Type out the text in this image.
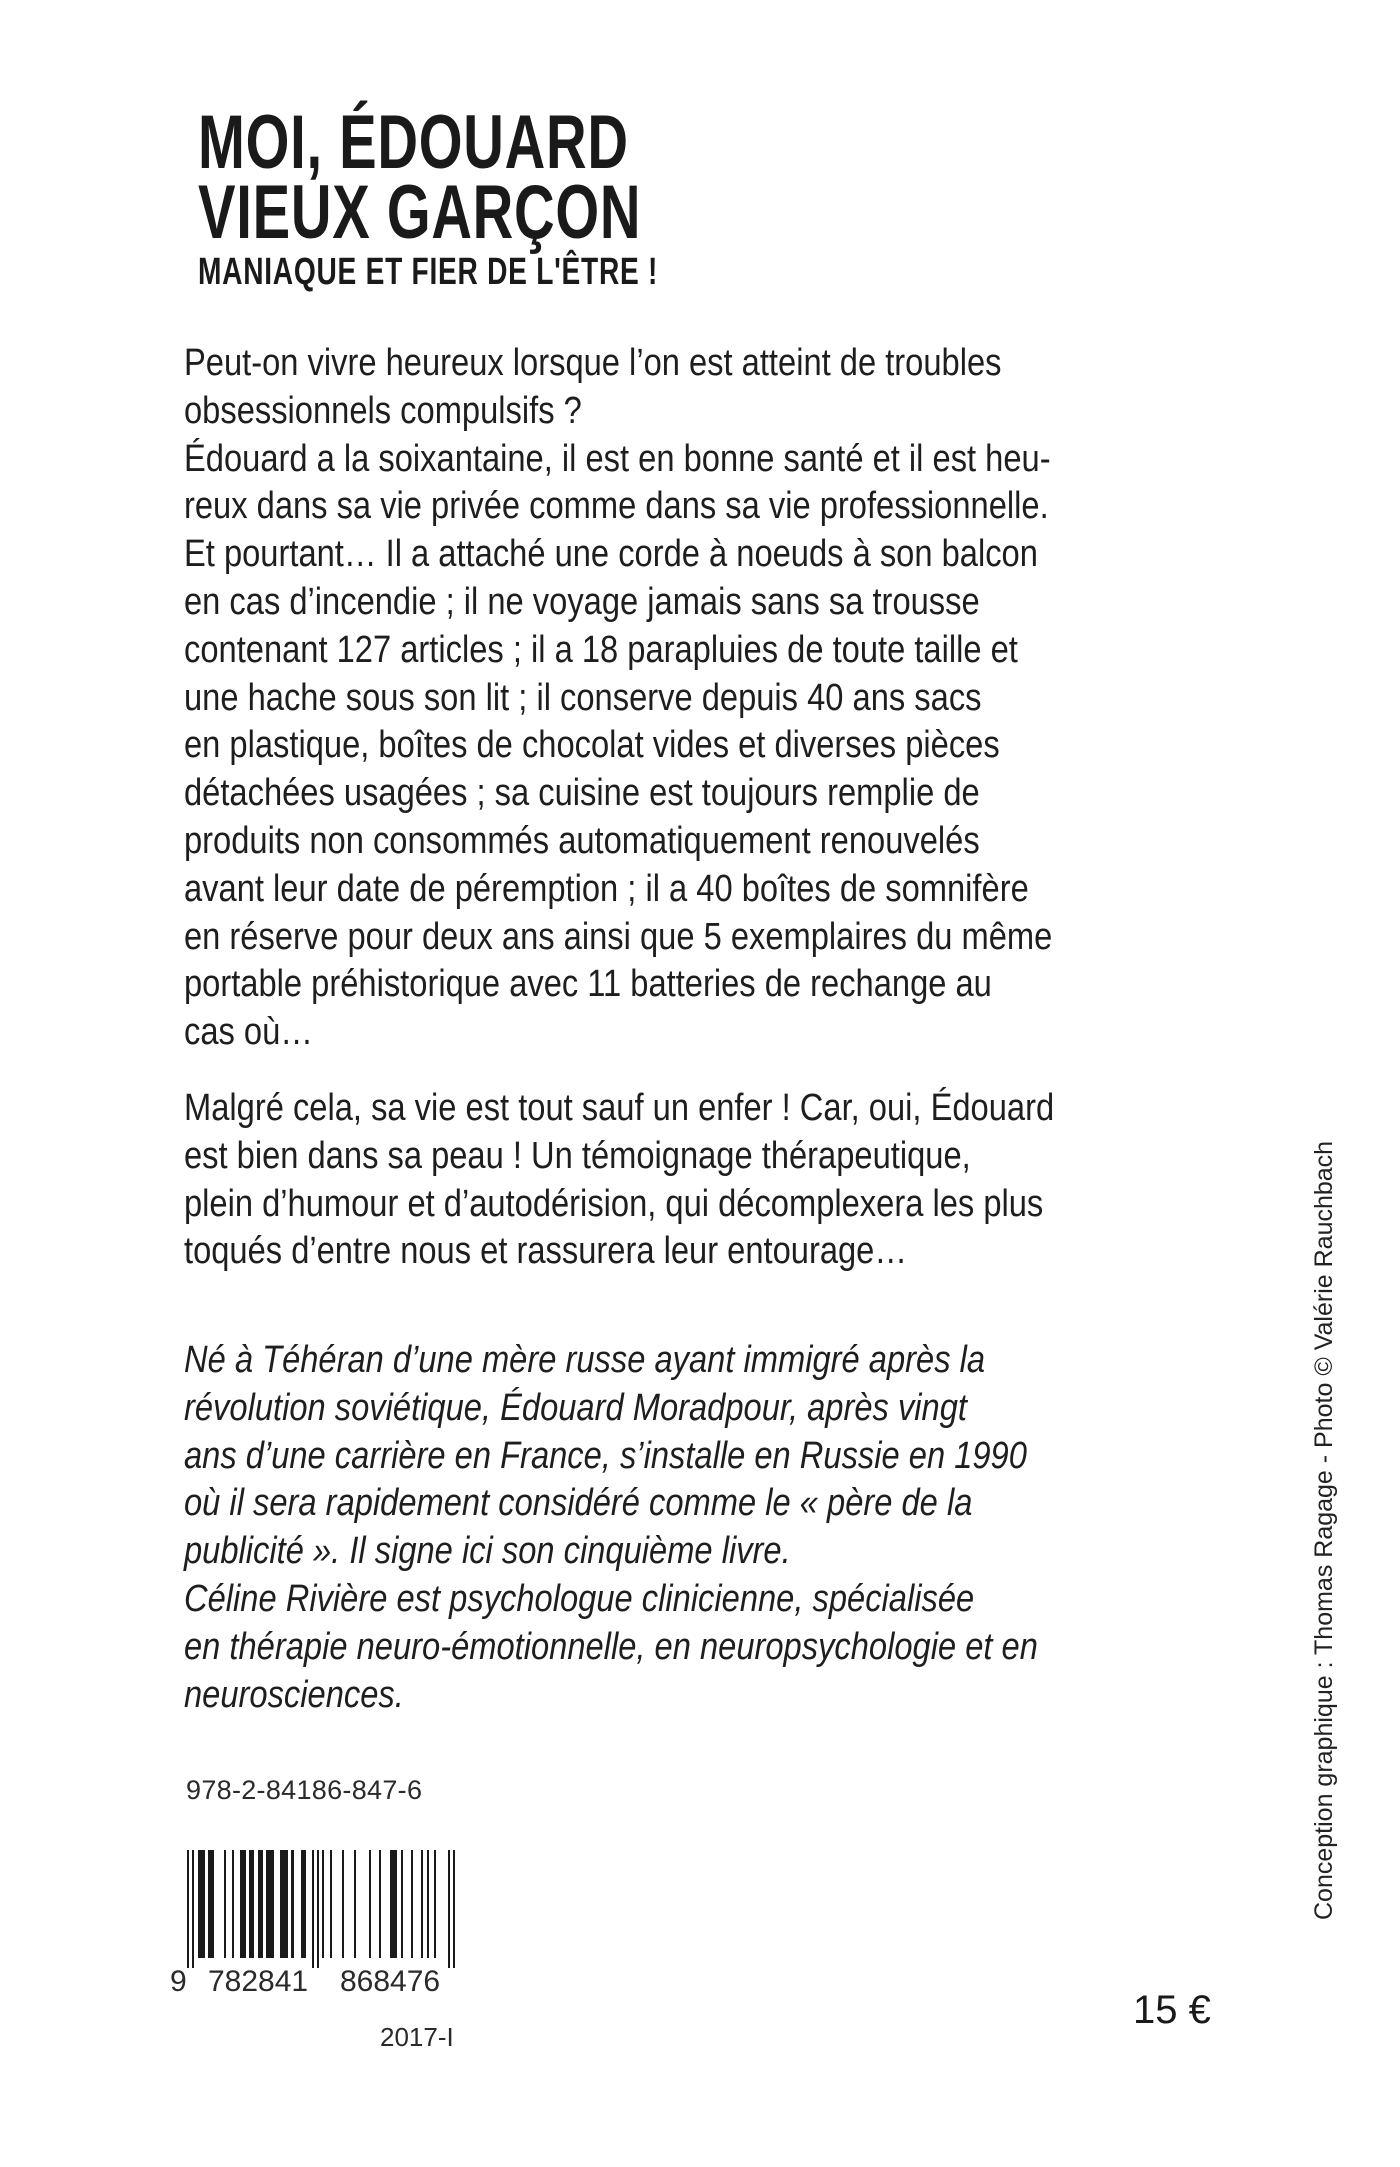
MOI, ÉDOUARD
VIEUX GARÇON
MANIAQUE ET FIER DE L'ÊTRE !
Peut-on vivre heureux lorsque l’on est atteint de troubles
obsessionnels compulsifs ?
Édouard a la soixantaine, il est en bonne santé et il est heu-
reux dans sa vie privée comme dans sa vie professionnelle.
Et pourtant… Il a attaché une corde à noeuds à son balcon
en cas d’incendie ; il ne voyage jamais sans sa trousse
contenant 127 articles ; il a 18 parapluies de toute taille et
une hache sous son lit ; il conserve depuis 40 ans sacs
en plastique, boîtes de chocolat vides et diverses pièces
détachées usagées ; sa cuisine est toujours remplie de
produits non consommés automatiquement renouvelés
avant leur date de péremption ; il a 40 boîtes de somnifère
en réserve pour deux ans ainsi que 5 exemplaires du même
portable préhistorique avec 11 batteries de rechange au
cas où…
Malgré cela, sa vie est tout sauf un enfer ! Car, oui, Édouard
est bien dans sa peau ! Un témoignage thérapeutique,
plein d’humour et d’autodérision, qui décomplexera les plus
toqués d’entre nous et rassurera leur entourage…
Né à Téhéran d’une mère russe ayant immigré après la
révolution soviétique, Édouard Moradpour, après vingt
ans d’une carrière en France, s’installe en Russie en 1990
où il sera rapidement considéré comme le « père de la
publicité ». Il signe ici son cinquième livre.
Céline Rivière est psychologue clinicienne, spécialisée
en thérapie neuro-émotionnelle, en neuropsychologie et en
neurosciences.
978-2-84186-847-6
9 782841 868476
2017-I
15 €
Conception graphique : Thomas Ragage - Photo © Valérie Rauchbach
